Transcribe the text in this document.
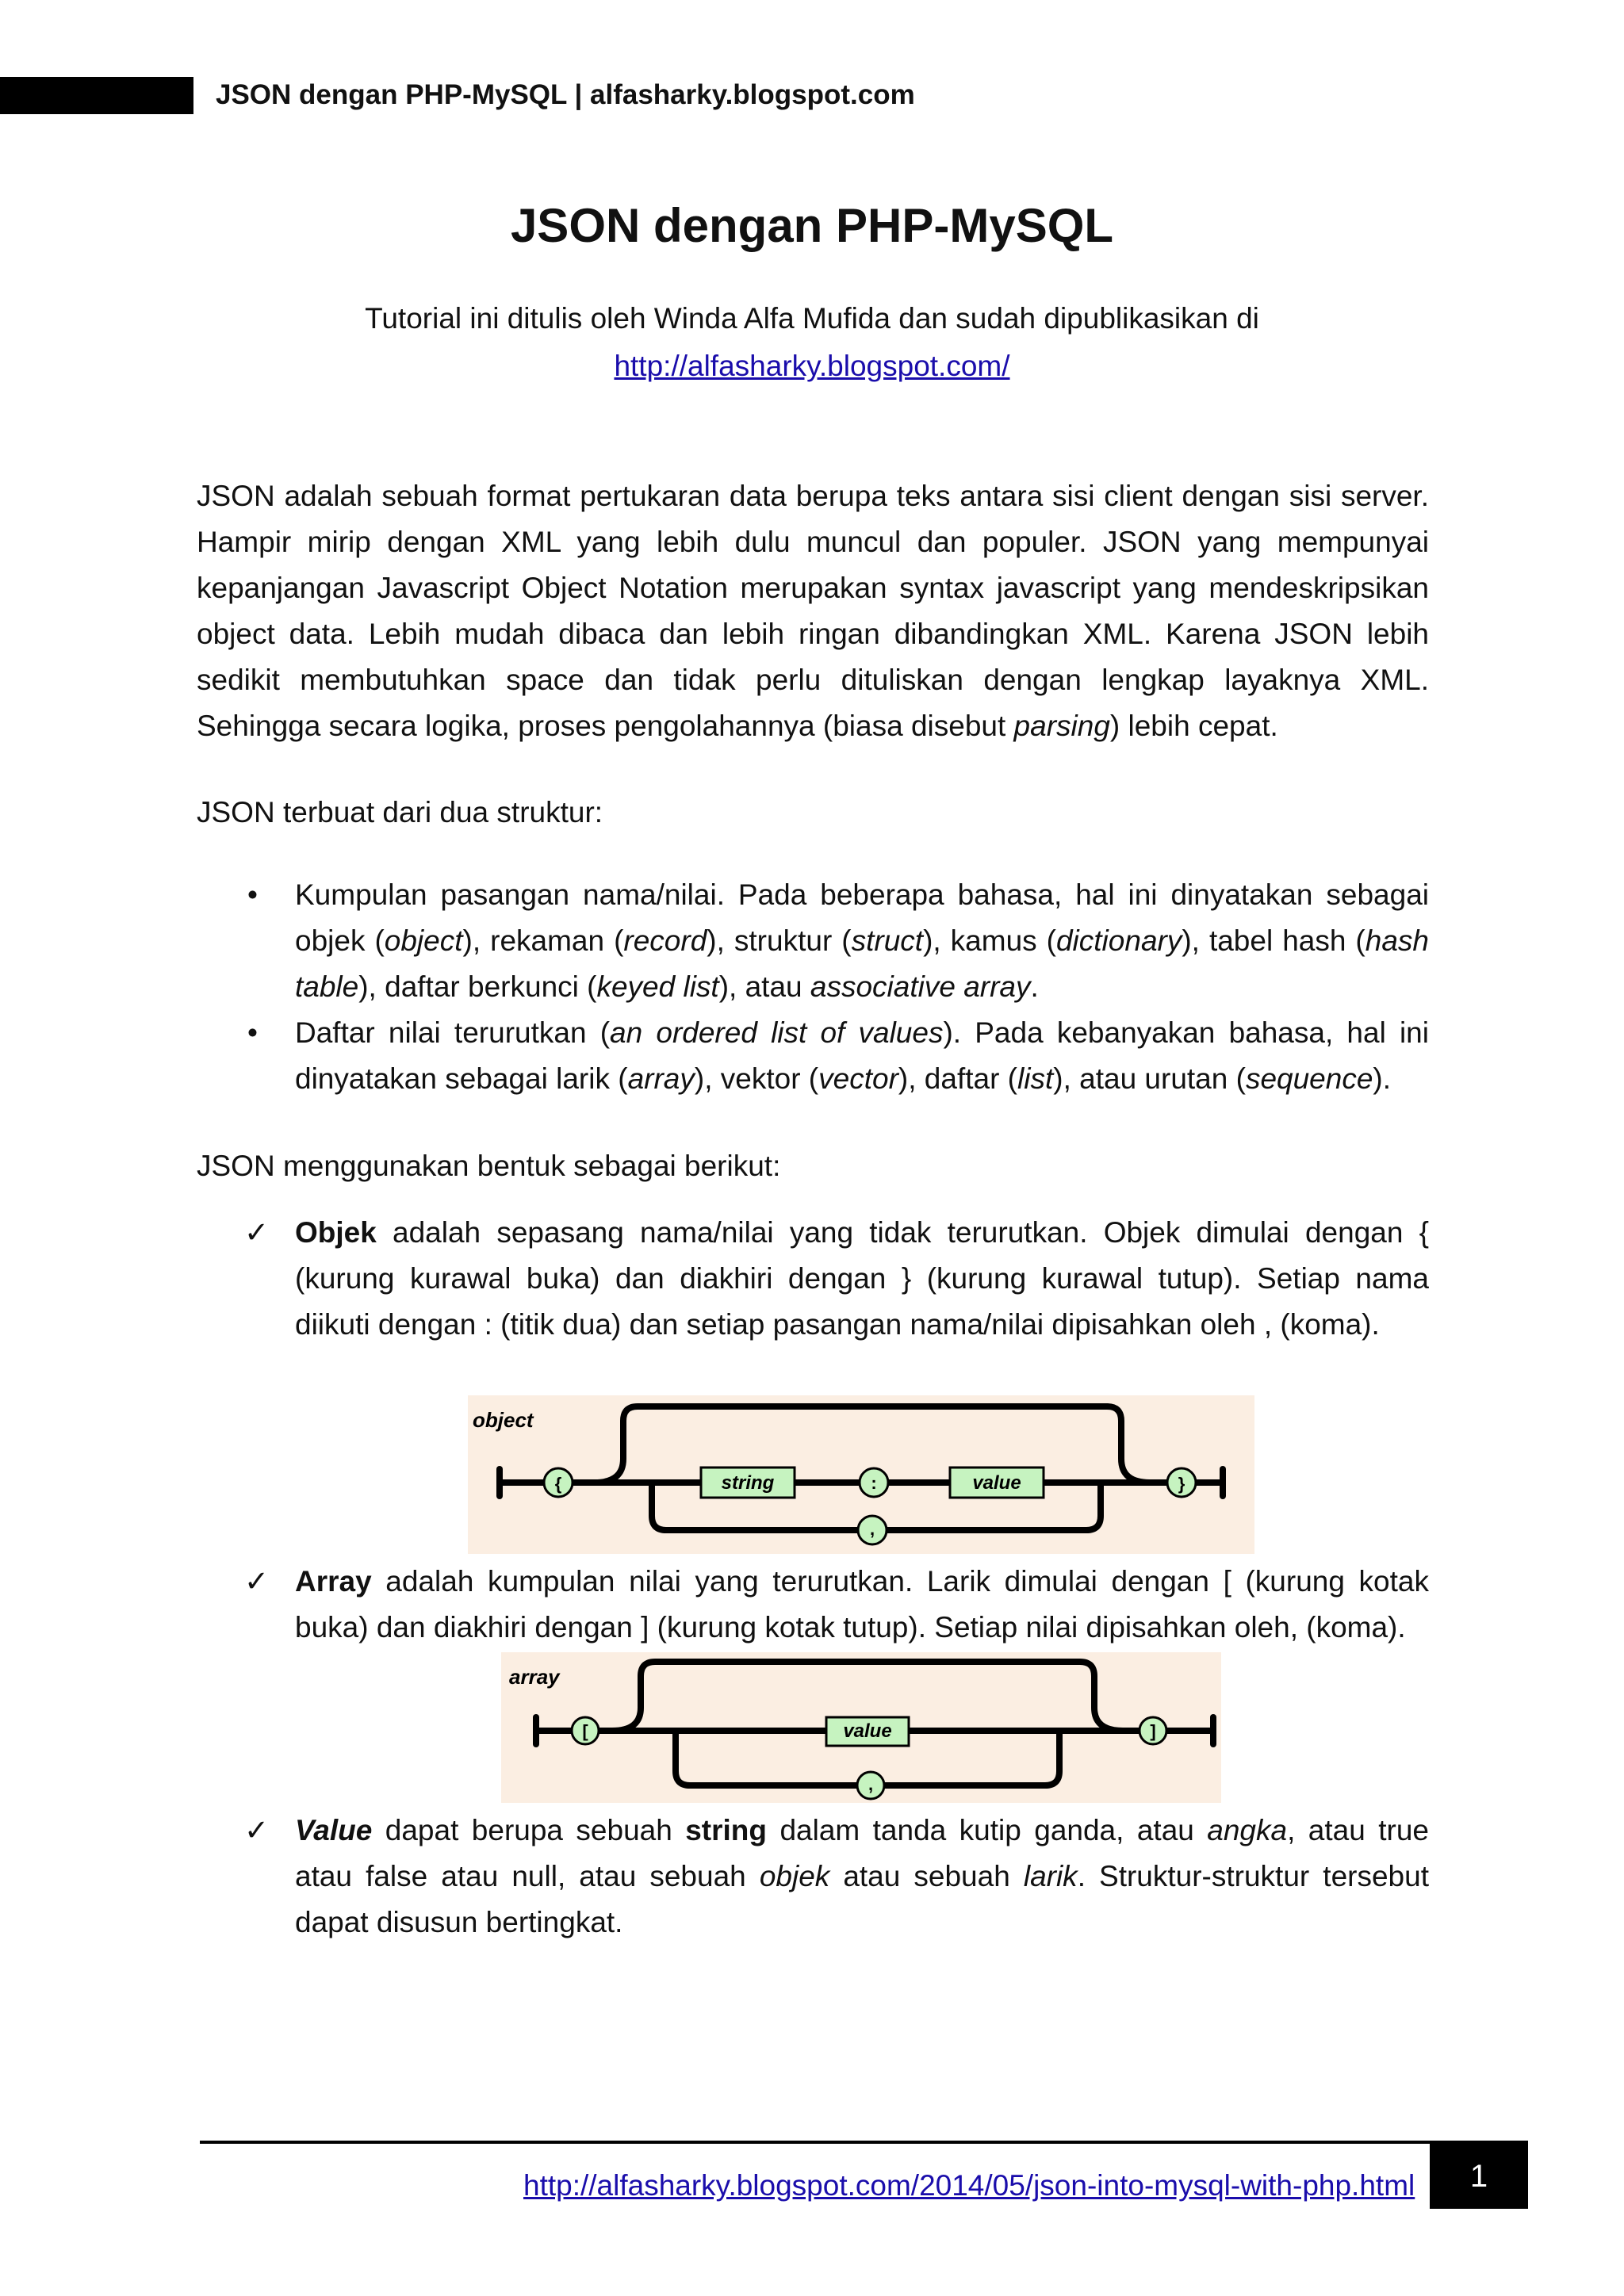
JSON dengan PHP-MySQL | alfasharky.blogspot.com
JSON dengan PHP-MySQL
Tutorial ini ditulis oleh Winda Alfa Mufida dan sudah dipublikasikan di
http://alfasharky.blogspot.com/

JSON adalah sebuah format pertukaran data berupa teks antara sisi client dengan sisi server. Hampir mirip dengan XML yang lebih dulu muncul dan populer. JSON yang mempunyai kepanjangan Javascript Object Notation merupakan syntax javascript yang mendeskripsikan object data. Lebih mudah dibaca dan lebih ringan dibandingkan XML. Karena JSON lebih sedikit membutuhkan space dan tidak perlu dituliskan dengan lengkap layaknya XML. Sehingga secara logika, proses pengolahannya (biasa disebut parsing) lebih cepat.

JSON terbuat dari dua struktur:

• Kumpulan pasangan nama/nilai. Pada beberapa bahasa, hal ini dinyatakan sebagai objek (object), rekaman (record), struktur (struct), kamus (dictionary), tabel hash (hash table), daftar berkunci (keyed list), atau associative array.
• Daftar nilai terurutkan (an ordered list of values). Pada kebanyakan bahasa, hal ini dinyatakan sebagai larik (array), vektor (vector), daftar (list), atau urutan (sequence).

JSON menggunakan bentuk sebagai berikut:

✓ Objek adalah sepasang nama/nilai yang tidak terurutkan. Objek dimulai dengan { (kurung kurawal buka) dan diakhiri dengan } (kurung kurawal tutup). Setiap nama diikuti dengan : (titik dua) dan setiap pasangan nama/nilai dipisahkan oleh , (koma).
object
{	string	:	value
,
}
✓ Array adalah kumpulan nilai yang terurutkan. Larik dimulai dengan [ (kurung kotak buka) dan diakhiri dengan ] (kurung kotak tutup). Setiap nilai dipisahkan oleh, (koma).
array
[	value
,
]
✓ Value dapat berupa sebuah string dalam tanda kutip ganda, atau angka, atau true atau false atau null, atau sebuah objek atau sebuah larik. Struktur-struktur tersebut dapat disusun bertingkat.
http://alfasharky.blogspot.com/2014/05/json-into-mysql-with-php.html	1
